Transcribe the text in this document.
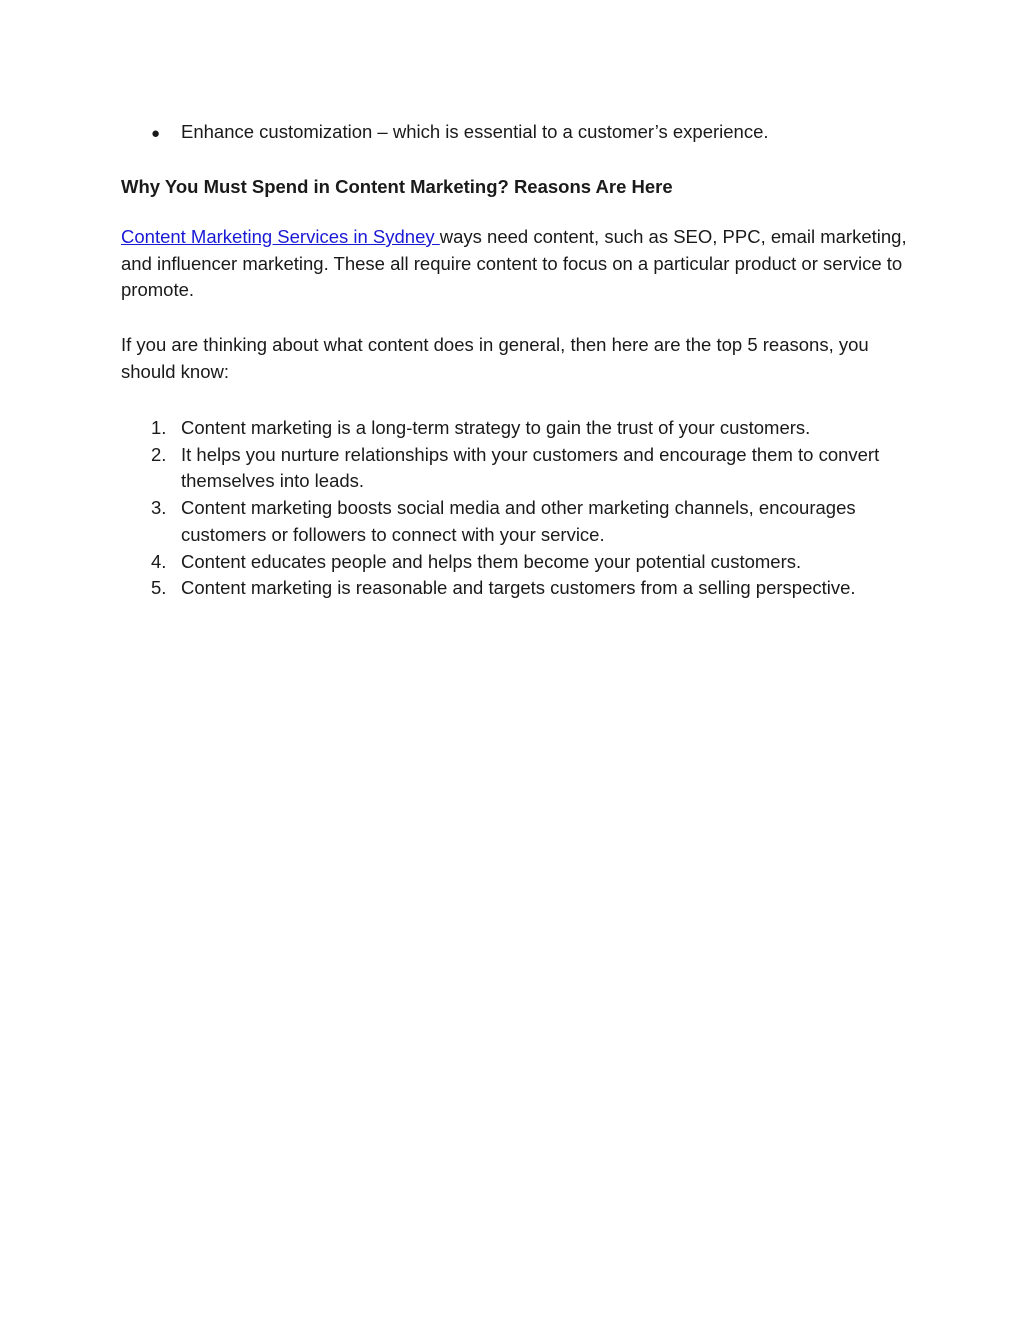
●	Enhance customization – which is essential to a customer’s experience.
Why You Must Spend in Content Marketing? Reasons Are Here

Content Marketing Services in Sydney ways need content, such as SEO, PPC, email marketing, and influencer marketing. These all require content to focus on a particular product or service to promote.

If you are thinking about what content does in general, then here are the top 5 reasons, you should know:

1. Content marketing is a long-term strategy to gain the trust of your customers.
2. It helps you nurture relationships with your customers and encourage them to convert themselves into leads.
3. Content marketing boosts social media and other marketing channels, encourages customers or followers to connect with your service.
4. Content educates people and helps them become your potential customers.
5. Content marketing is reasonable and targets customers from a selling perspective.
